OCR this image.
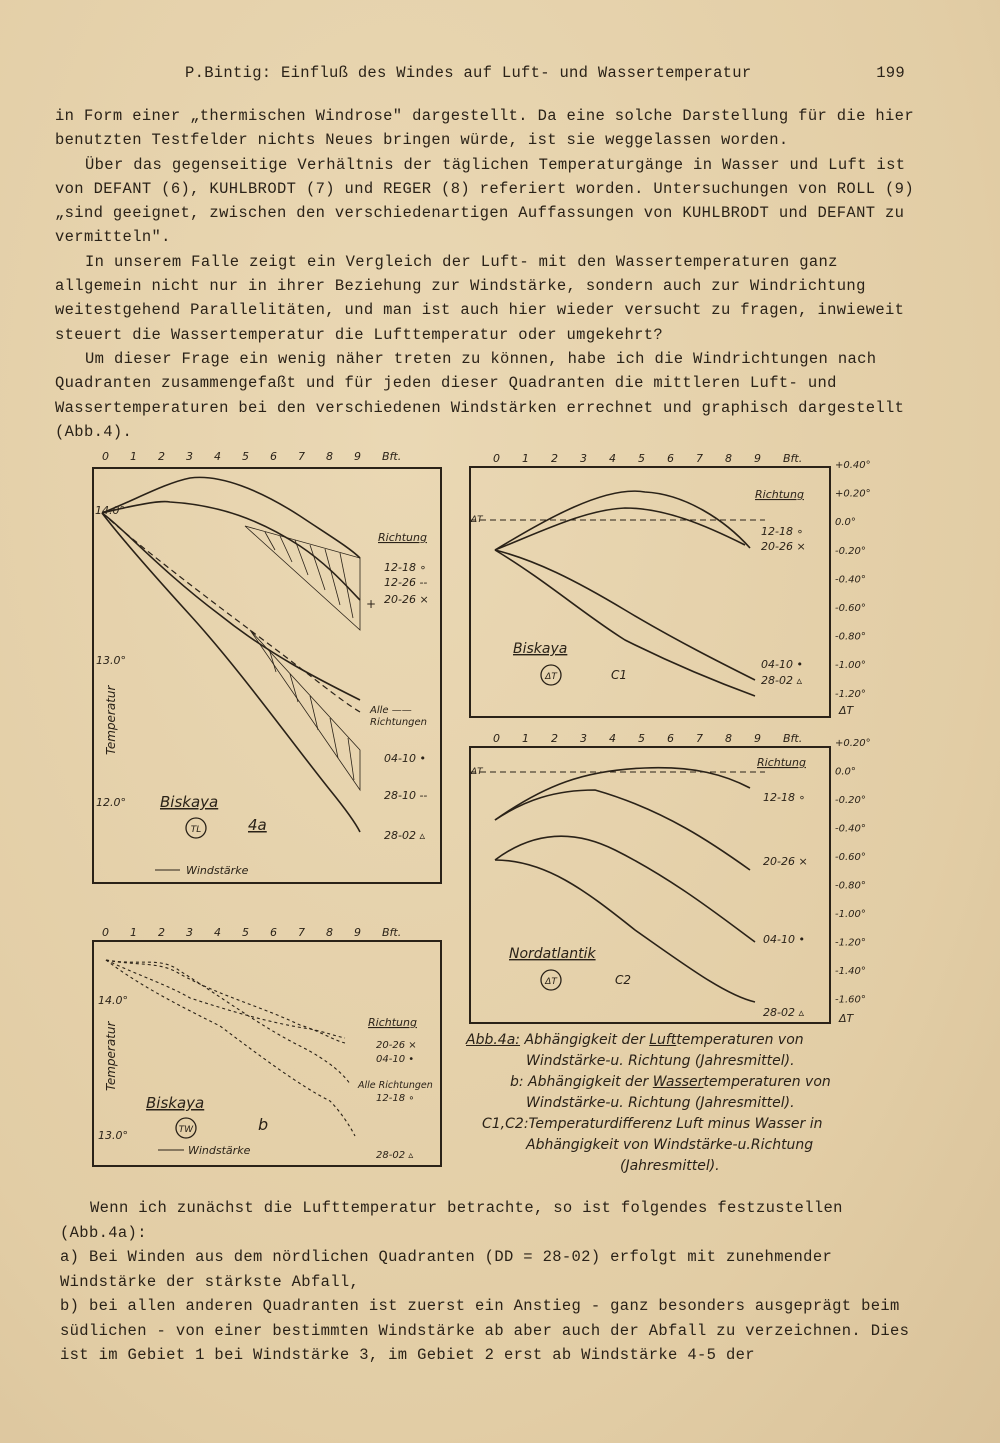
P.Bintig: Einfluß des Windes auf Luft- und Wassertemperatur	199

in Form einer „thermischen Windrose" dargestellt. Da eine solche Darstellung für die hier benutzten Testfelder nichts Neues bringen würde, ist sie weggelassen worden.

Über das gegenseitige Verhältnis der täglichen Temperaturgänge in Wasser und Luft ist von DEFANT (6), KUHLBRODT (7) und REGER (8) referiert worden. Untersuchungen von ROLL (9) „sind geeignet, zwischen den verschiedenartigen Auffassungen von KUHLBRODT und DEFANT zu vermitteln".

In unserem Falle zeigt ein Vergleich der Luft- mit den Wassertemperaturen ganz allgemein nicht nur in ihrer Beziehung zur Windstärke, sondern auch zur Windrichtung weitestgehend Parallelitäten, und man ist auch hier wieder versucht zu fragen, inwieweit steuert die Wassertemperatur die Lufttemperatur oder umgekehrt?

Um dieser Frage ein wenig näher treten zu können, habe ich die Windrichtungen nach Quadranten zusammengefaßt und für jeden dieser Quadranten die mittleren Luft- und Wassertemperaturen bei den verschiedenen Windstärken errechnet und graphisch dargestellt (Abb.4).

0 1 2 3 4 5 6 7 8 9 Bft.
14.0°
13.0°
12.0°
Temperatur
Richtung
12-18 ∘
12-26 --
20-26 ×
Alle ——
Richtungen
04-10 •
28-10 --
28-02 ▵
+
Biskaya
TL	4a
Windstärke
0 1 2 3 4 5 6 7 8 9 Bft.
14.0°
13.0°
Temperatur	Richtung
20-26 ×
04-10 •
Alle Richtungen
12-18 ∘
28-02 ▵
Biskaya
TW	b
Windstärke
0 1 2 3 4 5 6 7 8 9 Bft.
+0.40°
+0.20°
0.0°
-0.20°
-0.40°
-0.60°
-0.80°
-1.00°
-1.20°
Richtung
12-18 ∘
20-26 ×
04-10 •
28-02 ▵
Biskaya
ΔT	C1
ΔT
ΔT
0 1 2 3 4 5 6 7 8 9 Bft.	+0.20°
0.0°
-0.20°
-0.40°
-0.60°
-0.80°
-1.00°
-1.20°
-1.40°
-1.60°
Richtung
12-18 ∘
20-26 ×
04-10 •
28-02 ▵
Nordatlantik
ΔT	C2
ΔT
ΔT
Abb.4a: Abhängigkeit der Lufttemperaturen von
Windstärke-u. Richtung (Jahresmittel).
b: Abhängigkeit der Wassertemperaturen von
Windstärke-u. Richtung (Jahresmittel).
C1,C2:Temperaturdifferenz Luft minus Wasser in
Abhängigkeit von Windstärke-u.Richtung
(Jahresmittel).

Wenn ich zunächst die Lufttemperatur betrachte, so ist folgendes festzustellen (Abb.4a):

a) Bei Winden aus dem nördlichen Quadranten (DD = 28-02) erfolgt mit zunehmender Windstärke der stärkste Abfall,

b) bei allen anderen Quadranten ist zuerst ein Anstieg - ganz besonders ausgeprägt beim südlichen - von einer bestimmten Windstärke ab aber auch der Abfall zu verzeichnen. Dies ist im Gebiet 1 bei Windstärke 3, im Gebiet 2 erst ab Windstärke 4-5 der
